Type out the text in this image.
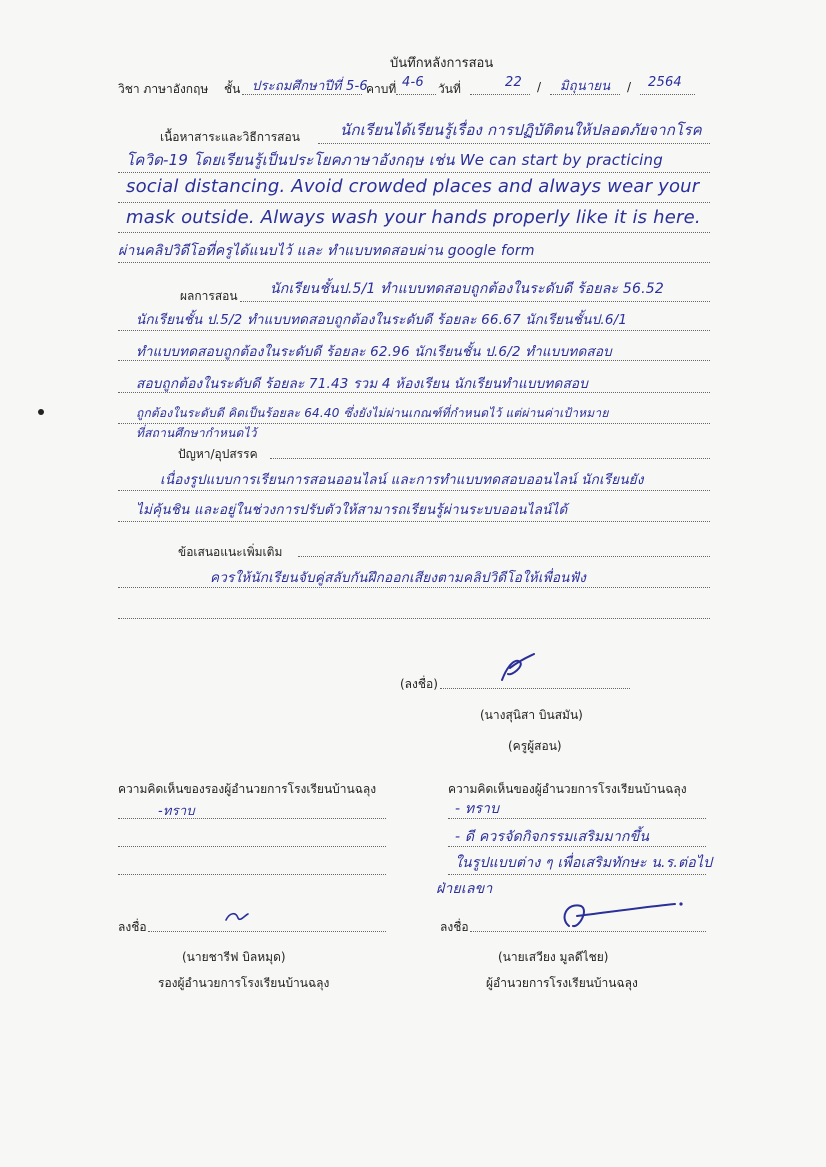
บันทึกหลังการสอน
วิชา ภาษาอังกฤษ ชั้น ประถมศึกษาปีที่ 5-6
คาบที่ 4-6 วันที่	22 / มิถุนายน / 2564
เนื้อหาสาระและวิธีการสอน	นักเรียนได้เรียนรู้เรื่อง การปฏิบัติตนให้ปลอดภัยจากโรค
โควิด-19 โดยเรียนรู้เป็นประโยคภาษาอังกฤษ เช่น We can start by practicing
social distancing. Avoid crowded places and always wear your
mask outside. Always wash your hands properly like it is here.
ผ่านคลิปวิดีโอที่ครูได้แนบไว้ และ ทำแบบทดสอบผ่าน google form
ผลการสอน นักเรียนชั้นป.5/1 ทำแบบทดสอบถูกต้องในระดับดี ร้อยละ 56.52
นักเรียนชั้น ป.5/2 ทำแบบทดสอบถูกต้องในระดับดี ร้อยละ 66.67 นักเรียนชั้นป.6/1
ทำแบบทดสอบถูกต้องในระดับดี ร้อยละ 62.96 นักเรียนชั้น ป.6/2 ทำแบบทดสอบ
สอบถูกต้องในระดับดี ร้อยละ 71.43 รวม 4 ห้องเรียน นักเรียนทำแบบทดสอบ
ถูกต้องในระดับดี คิดเป็นร้อยละ 64.40 ซึ่งยังไม่ผ่านเกณฑ์ที่กำหนดไว้ แต่ผ่านค่าเป้าหมาย
ที่สถานศึกษากำหนดไว้
ปัญหา/อุปสรรค
เนื่องรูปแบบการเรียนการสอนออนไลน์ และการทำแบบทดสอบออนไลน์ นักเรียนยัง
ไม่คุ้นชิน และอยู่ในช่วงการปรับตัวให้สามารถเรียนรู้ผ่านระบบออนไลน์ได้
ข้อเสนอแนะเพิ่มเติม
ควรให้นักเรียนจับคู่สลับกันฝึกออกเสียงตามคลิปวิดีโอให้เพื่อนฟัง
(ลงชื่อ)
(นางสุนิสา บินสมัน)
(ครูผู้สอน)
ความคิดเห็นของรองผู้อำนวยการโรงเรียนบ้านฉลุง
-ทราบ
ลงชื่อ
(นายชารีฟ บิลหมุด)
รองผู้อำนวยการโรงเรียนบ้านฉลุง
ความคิดเห็นของผู้อำนวยการโรงเรียนบ้านฉลุง
- ทราบ
- ดี ควรจัดกิจกรรมเสริมมากขึ้น
ในรูปแบบต่าง ๆ เพื่อเสริมทักษะ น.ร.ต่อไป
ฝ่ายเลขา
ลงชื่อ
(นายเสวียง มูลดีไชย)
ผู้อำนวยการโรงเรียนบ้านฉลุง
